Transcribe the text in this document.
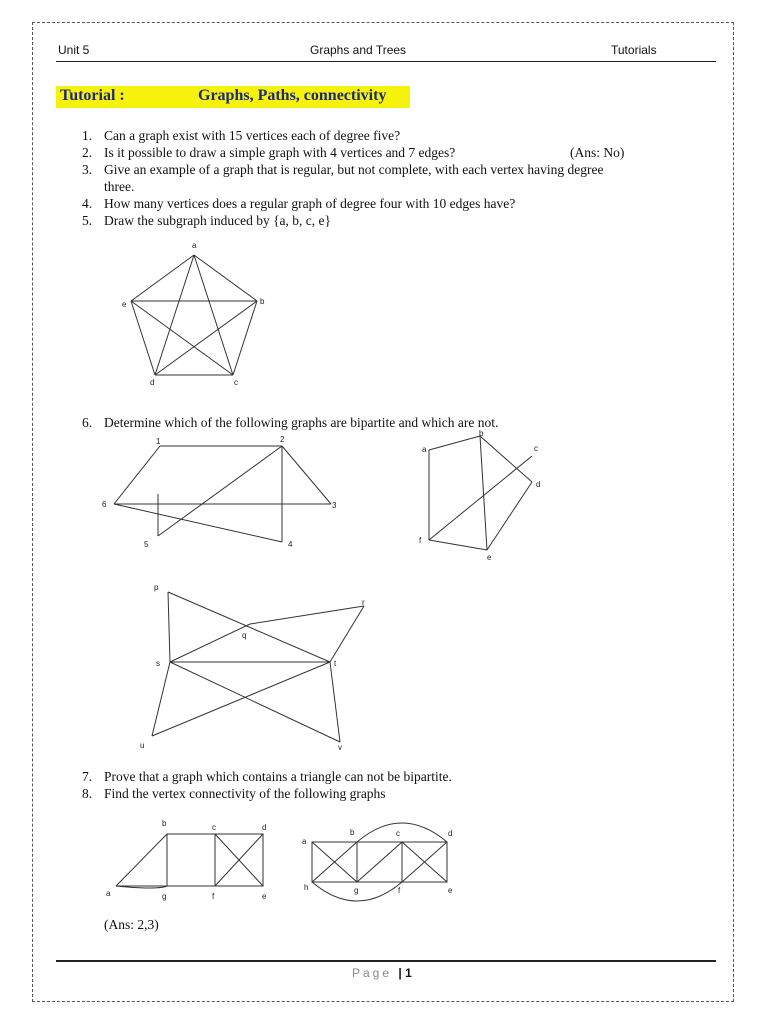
Unit 5	Graphs and Trees	Tutorials
Tutorial :	Graphs, Paths, connectivity
1. Can a graph exist with 15 vertices each of degree five?
2. Is it possible to draw a simple graph with 4 vertices and 7 edges?	(Ans: No)
3. Give an example of a graph that is regular, but not complete, with each vertex having degree
three.
4. How many vertices does a regular graph of degree four with 10 edges have?
5. Draw the subgraph induced by {a, b, c, e}
a
b
c
d
e
6. Determine which of the following graphs are bipartite and which are not.
1	2
3
4
5
6
a
b
c
d
e
f
p
q
r
s	t
u	v
7. Prove that a graph which contains a triangle can not be bipartite.
8. Find the vertex connectivity of the following graphs
b	c	d
a	g	f	e
a
b	c	d
e
f
g
h
(Ans: 2,3)
Page | 1
